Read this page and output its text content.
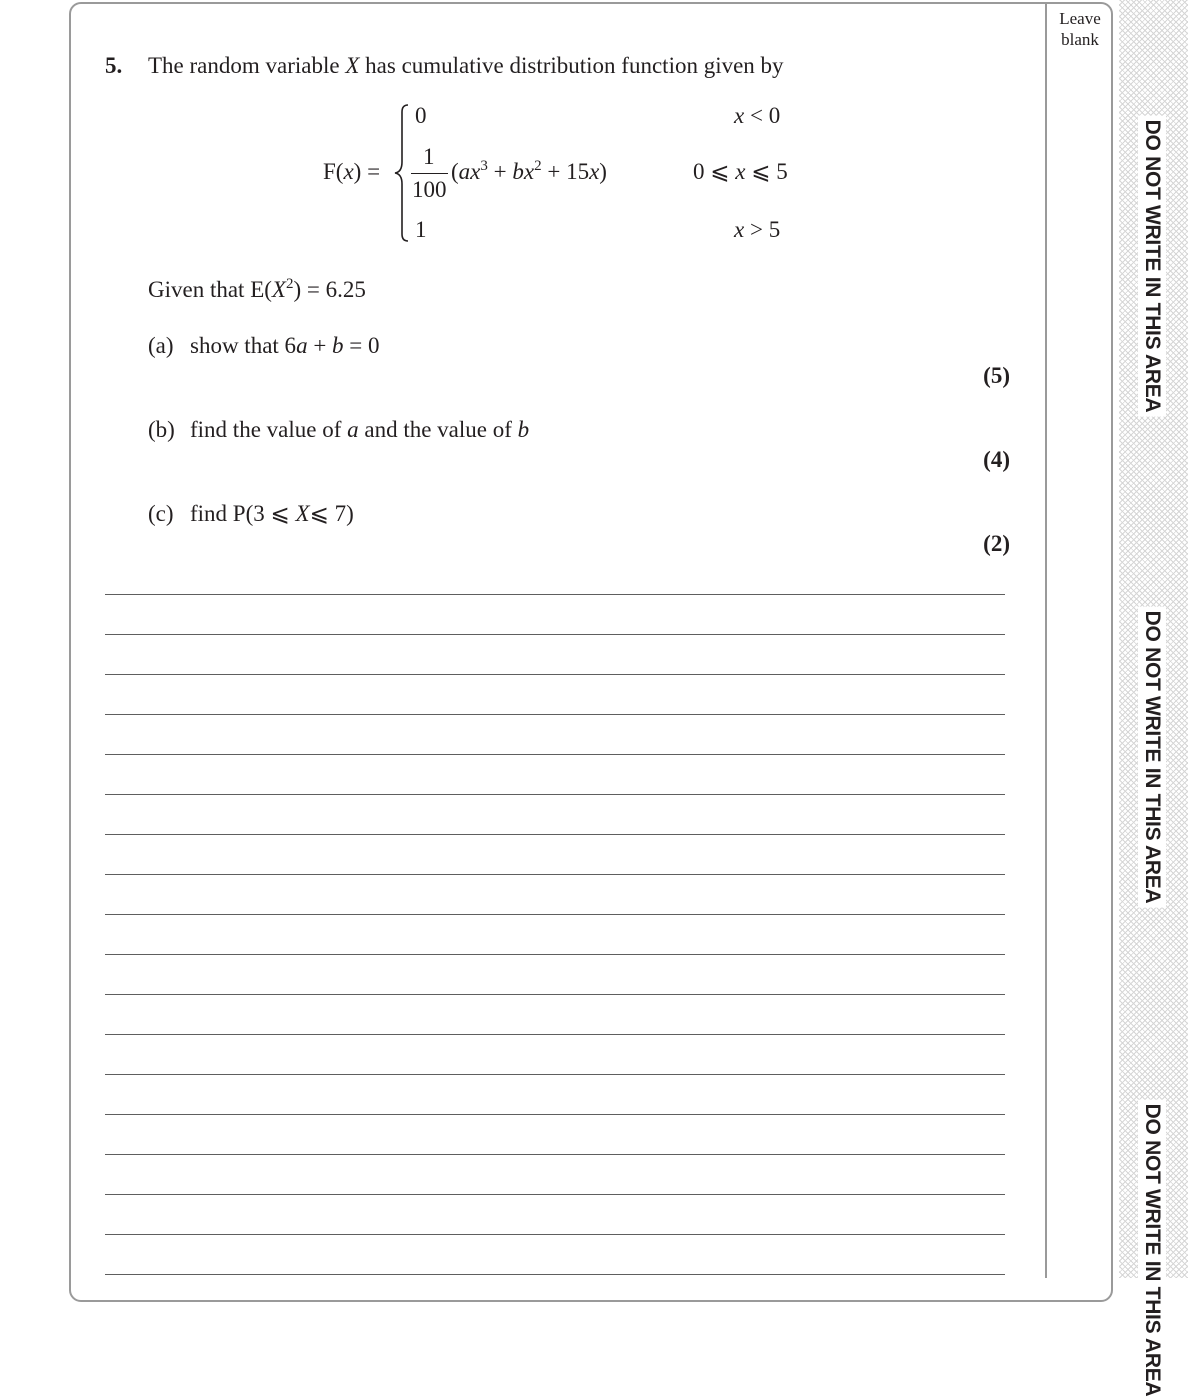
Leave
blank
DO NOT WRITE IN THIS AREA
DO NOT WRITE IN THIS AREA
DO NOT WRITE IN THIS AREA
5. The random variable X has cumulative distribution function given by
F(x) =
0	x < 0
1
100
$(ax^3 + bx^2 + 15x)$	0 ⩽ x ⩽ 5
1	x > 5
Given that $E(X^2) = 6.25$
(a) show that 6a + b = 0
(5)
(b) find the value of a and the value of b
(4)
(c) find P(3 ⩽ X⩽ 7)
(2)
